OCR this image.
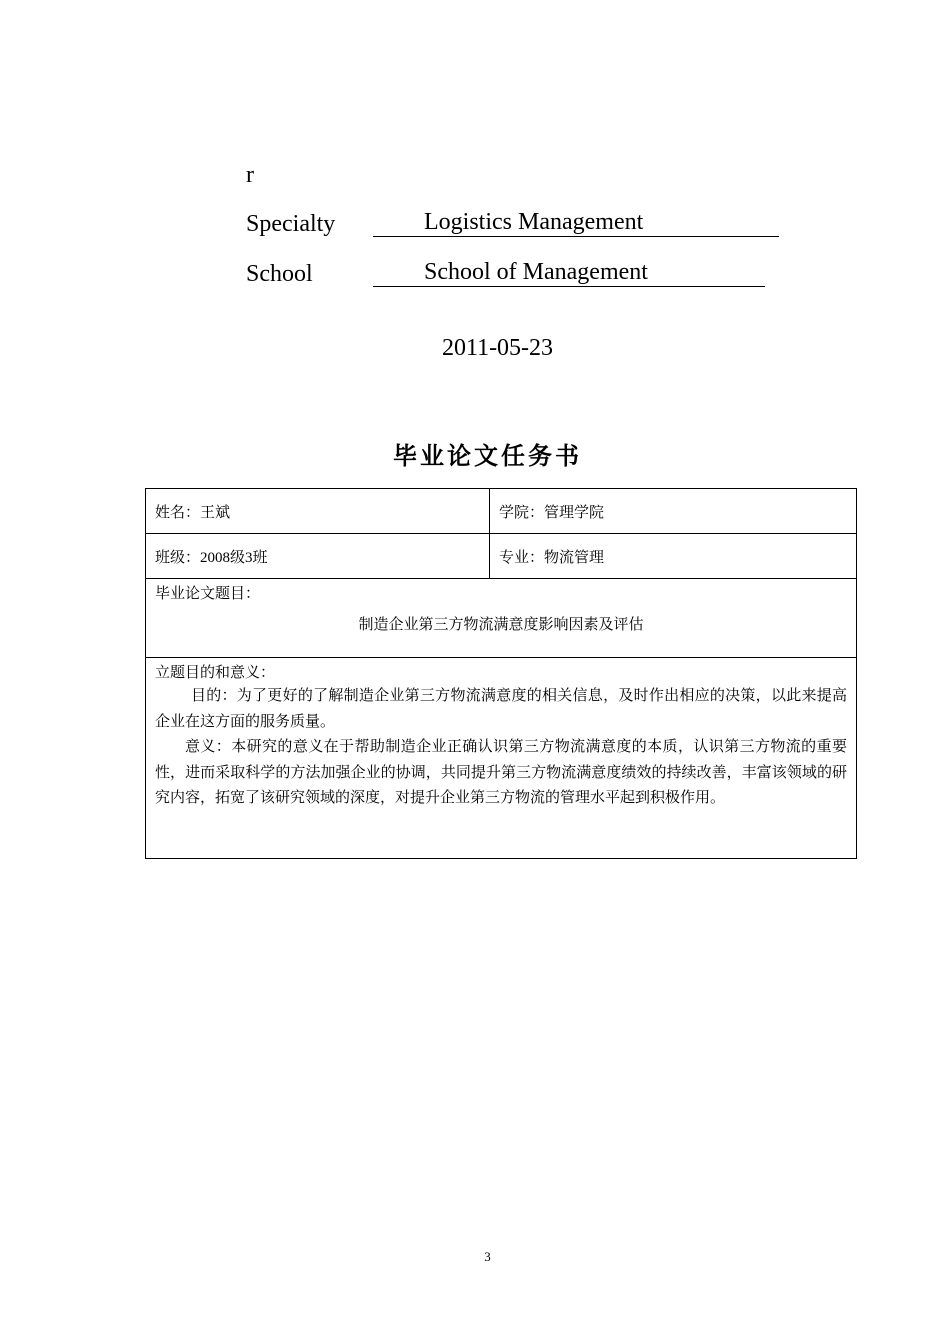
r
Specialty	Logistics Management
School	School of Management
2011-05-23
毕业论文任务书
姓名：王斌	学院：管理学院
班级：2008级3班	专业：物流管理

毕业论文题目：
制造企业第三方物流满意度影响因素及评估	

立题目的和意义：
目的：为了更好的了解制造企业第三方物流满意度的相关信息，及时作出相应的决策，以此来提高企业在这方面的服务质量。
意义：本研究的意义在于帮助制造企业正确认识第三方物流满意度的本质，认识第三方物流的重要性，进而采取科学的方法加强企业的协调，共同提升第三方物流满意度绩效的持续改善，丰富该领域的研究内容，拓宽了该研究领域的深度，对提升企业第三方物流的管理水平起到积极作用。	
3
